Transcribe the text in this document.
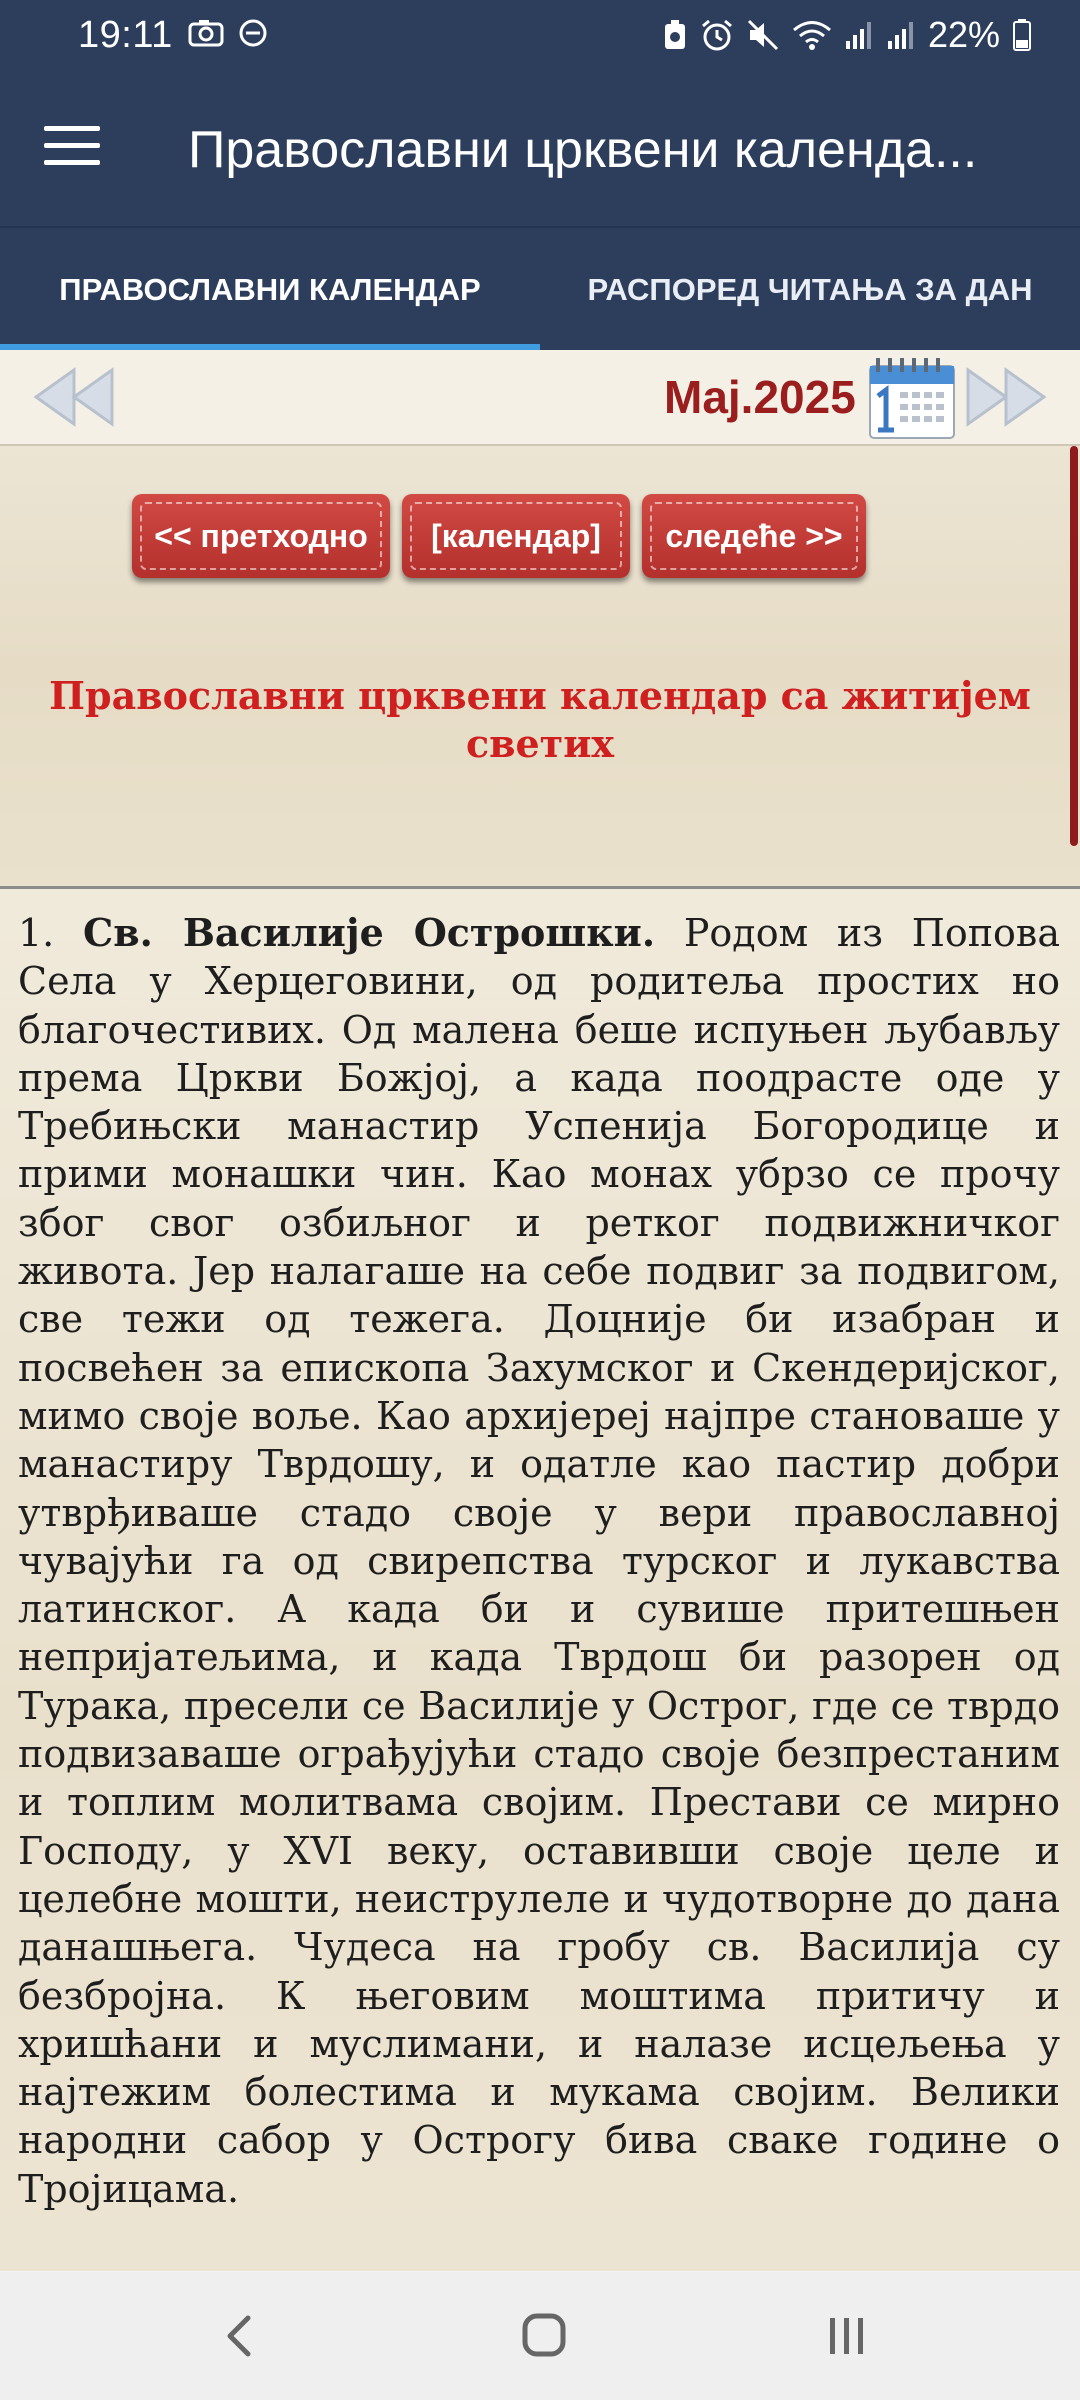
19:11	22%
Православни црквени календа...
ПРАВОСЛАВНИ КАЛЕНДАР	РАСПОРЕД ЧИТАЊА ЗА ДАН
Maj.2025
<< претходно	[календар]	следеће >>
Православни црквени календар са житијем светих
1. Св. Василије Острошки. Родом из Попова Села у Херцеговини, од родитеља простих но благочестивих. Од малена беше испуњен љубављу према Цркви Божјој, а када поодрасте оде у Требињски манастир Успенија Богородице и прими монашки чин. Као монах убрзо се прочу због свог озбиљног и ретког подвижничког живота. Јер налагаше на себе подвиг за подвигом, све тежи од тежега. Доцније би изабран и посвећен за епископа Захумског и Скендеријског, мимо своје воље. Као архијереј најпре становаше у манастиру Тврдошу, и одатле као пастир добри утврђиваше стадо своје у вери православној чувајући га од свирепства турског и лукавства латинског. А када би и сувише притешњен непријатељима, и када Тврдош би разорен од Турака, пресели се Василије у Острог, где се тврдо подвизаваше ограђујући стадо своје безпрестаним и топлим молитвама својим. Престави се мирно Господу, у XVI веку, оставивши своје целе и целебне мошти, неиструлеле и чудотворне до дана данашњега. Чудеса на гробу св. Василија су безбројна. К његовим моштима притичу и хришћани и муслимани, и налазе исцељења у најтежим болестима и мукама својим. Велики народни сабор у Острогу бива сваке године о Тројицама.
